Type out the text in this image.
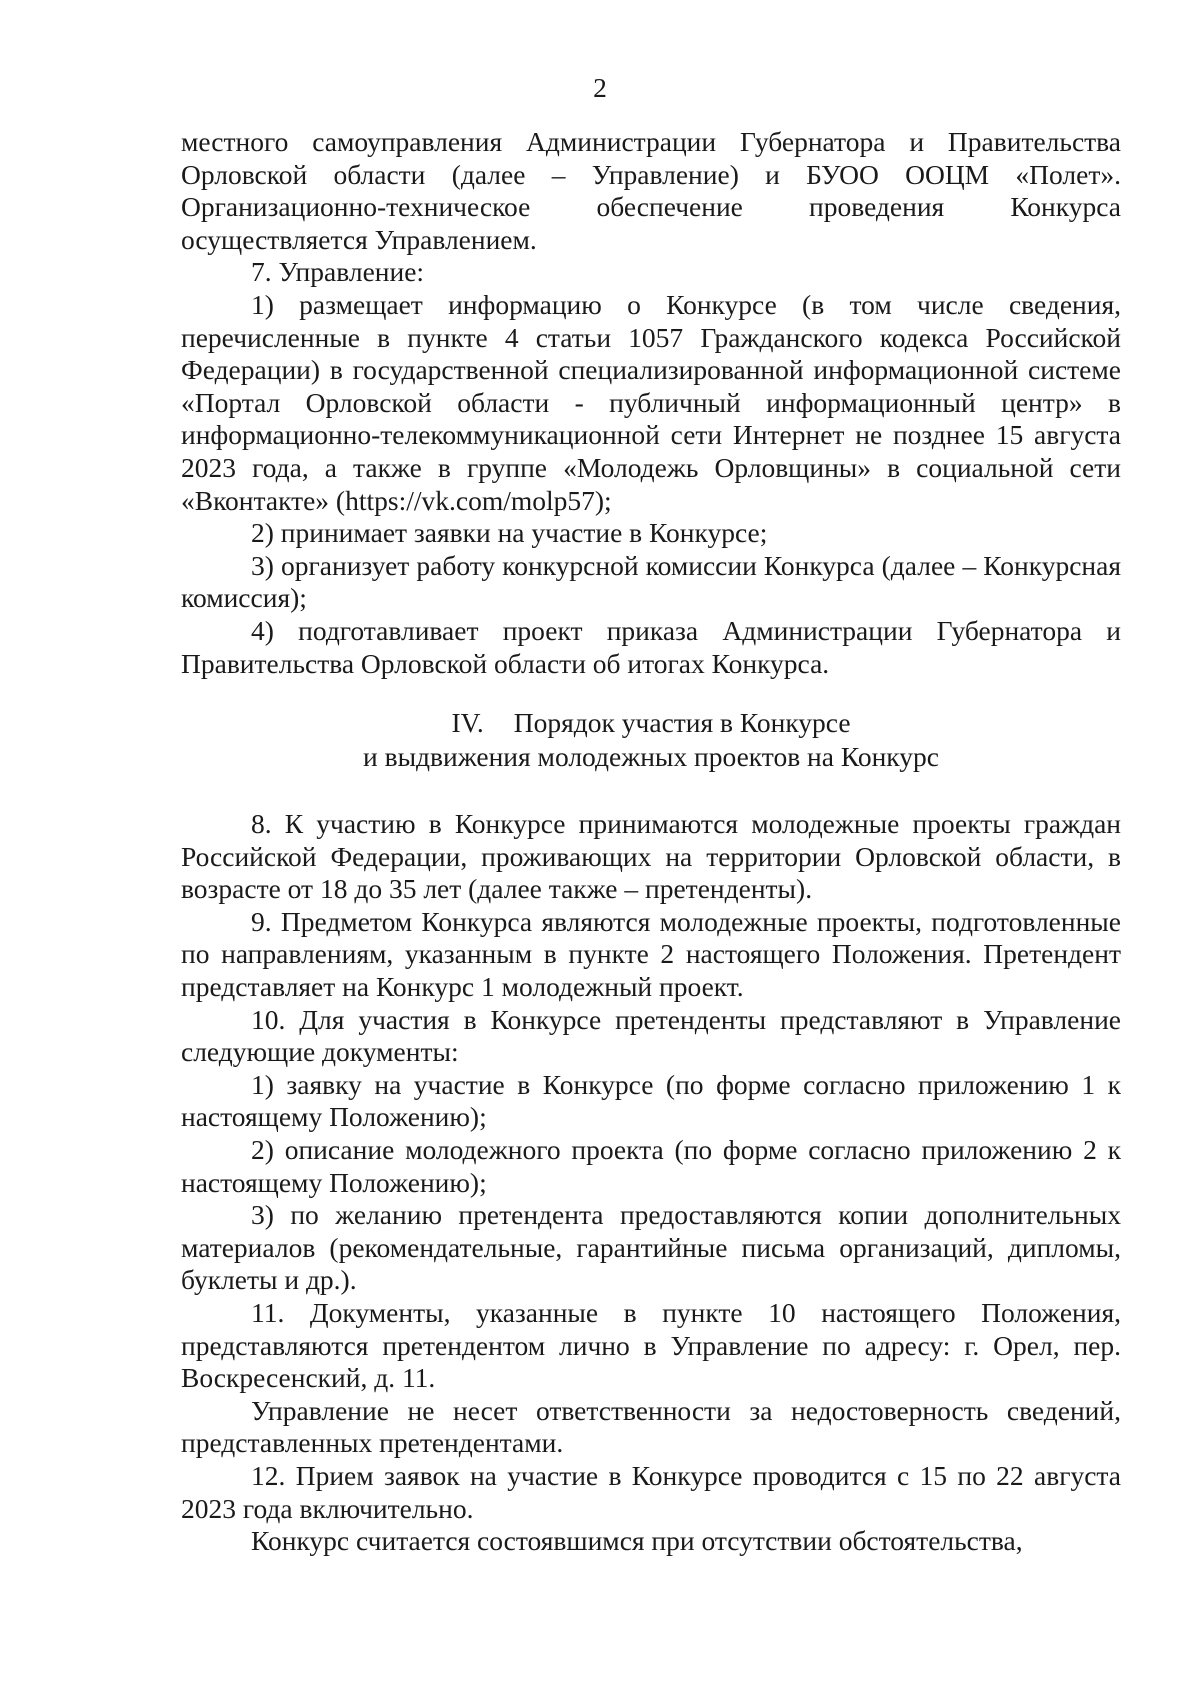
2

местного самоуправления Администрации Губернатора и Правительства Орловской области (далее – Управление) и БУОО ООЦМ «Полет». Организационно-техническое обеспечение проведения Конкурса осуществляется Управлением.

7. Управление:

1) размещает информацию о Конкурсе (в том числе сведения, перечисленные в пункте 4 статьи 1057 Гражданского кодекса Российской Федерации) в государственной специализированной информационной системе «Портал Орловской области - публичный информационный центр» в информационно-телекоммуникационной сети Интернет не позднее 15 августа 2023 года, а также в группе «Молодежь Орловщины» в социальной сети «Вконтакте» (https://vk.com/molp57);

2) принимает заявки на участие в Конкурсе;

3) организует работу конкурсной комиссии Конкурса (далее – Конкурсная комиссия);

4) подготавливает проект приказа Администрации Губернатора и Правительства Орловской области об итогах Конкурса.

IV. Порядок участия в Конкурсе
и выдвижения молодежных проектов на Конкурс

8. К участию в Конкурсе принимаются молодежные проекты граждан Российской Федерации, проживающих на территории Орловской области, в возрасте от 18 до 35 лет (далее также – претенденты).

9. Предметом Конкурса являются молодежные проекты, подготовленные по направлениям, указанным в пункте 2 настоящего Положения. Претендент представляет на Конкурс 1 молодежный проект.

10. Для участия в Конкурсе претенденты представляют в Управление следующие документы:

1) заявку на участие в Конкурсе (по форме согласно приложению 1 к настоящему Положению);

2) описание молодежного проекта (по форме согласно приложению 2 к настоящему Положению);

3) по желанию претендента предоставляются копии дополнительных материалов (рекомендательные, гарантийные письма организаций, дипломы, буклеты и др.).

11. Документы, указанные в пункте 10 настоящего Положения, представляются претендентом лично в Управление по адресу: г. Орел, пер. Воскресенский, д. 11.

Управление не несет ответственности за недостоверность сведений, представленных претендентами.

12. Прием заявок на участие в Конкурсе проводится с 15 по 22 августа 2023 года включительно.

Конкурс считается состоявшимся при отсутствии обстоятельства,
